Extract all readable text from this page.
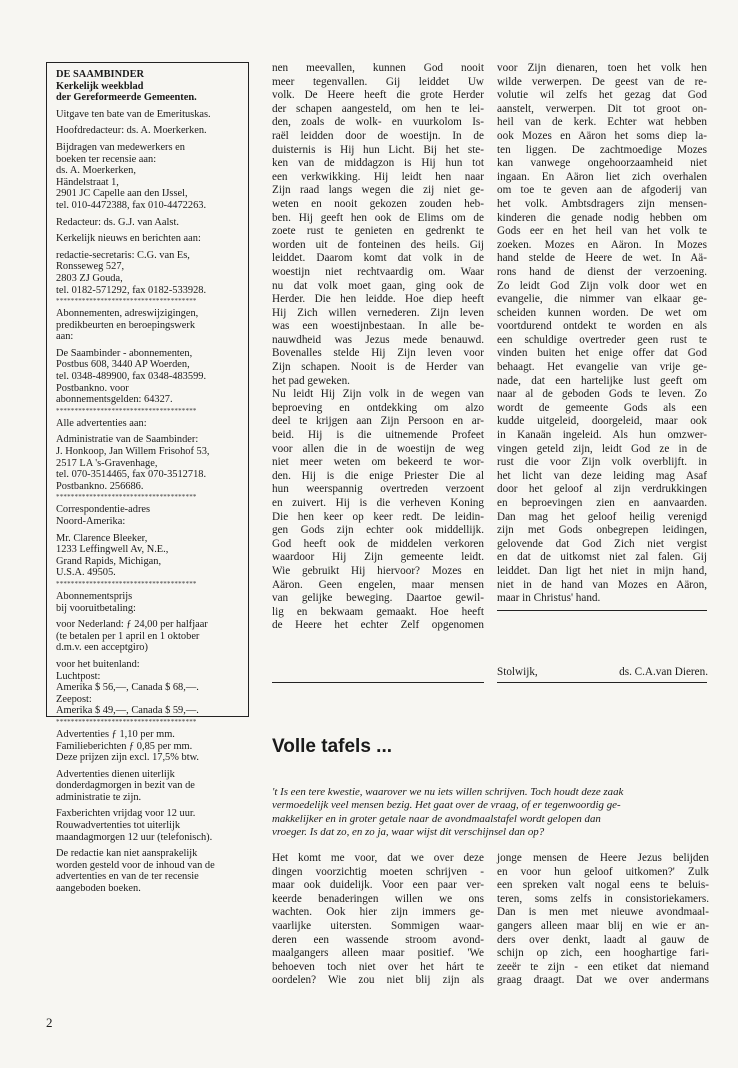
DE SAAMBINDER
Kerkelijk weekblad
der Gereformeerde Gemeenten.
Uitgave ten bate van de Emerituskas.
Hoofdredacteur: ds. A. Moerkerken.
Bijdragen van medewerkers en
boeken ter recensie aan:
ds. A. Moerkerken,
Händelstraat 1,
2901 JC Capelle aan den IJssel,
tel. 010-4472388, fax 010-4472263.
Redacteur: ds. G.J. van Aalst.
Kerkelijk nieuws en berichten aan:
redactie-secretaris: C.G. van Es,
Ronsseweg 527,
2803 ZJ Gouda,
tel. 0182-571292, fax 0182-533928.
**************************************
Abonnementen, adreswijzigingen,
predikbeurten en beroepingswerk
aan:
De Saambinder - abonnementen,
Postbus 608, 3440 AP Woerden,
tel. 0348-489900, fax 0348-483599.
Postbankno. voor
abonnementsgelden: 64327.
**************************************
Alle advertenties aan:
Administratie van de Saambinder:
J. Honkoop, Jan Willem Frisohof 53,
2517 LA 's-Gravenhage,
tel. 070-3514465, fax 070-3512718.
Postbankno. 256686.
**************************************
Correspondentie-adres
Noord-Amerika:
Mr. Clarence Bleeker,
1233 Leffingwell Av, N.E.,
Grand Rapids, Michigan,
U.S.A. 49505.
**************************************
Abonnementsprijs
bij vooruitbetaling:
voor Nederland: ƒ 24,00 per halfjaar
(te betalen per 1 april en 1 oktober
d.m.v. een acceptgiro)
voor het buitenland:
Luchtpost:
Amerika $ 56,—, Canada $ 68,—.
Zeepost:
Amerika $ 49,—, Canada $ 59,—.
**************************************
Advertenties ƒ 1,10 per mm.
Familieberichten ƒ 0,85 per mm.
Deze prijzen zijn excl. 17,5% btw.
Advertenties dienen uiterlijk
donderdagmorgen in bezit van de
administratie te zijn.
Faxberichten vrijdag voor 12 uur.
Rouwadvertenties tot uiterlijk
maandagmorgen 12 uur (telefonisch).
De redactie kan niet aansprakelijk
worden gesteld voor de inhoud van de
advertenties en van de ter recensie
aangeboden boeken.
nen meevallen, kunnen God nooit
meer tegenvallen. Gij leiddet Uw
volk. De Heere heeft die grote Herder
der schapen aangesteld, om hen te lei-
den, zoals de wolk- en vuurkolom Is-
raël leidden door de woestijn. In de
duisternis is Hij hun Licht. Bij het ste-
ken van de middagzon is Hij hun tot
een verkwikking. Hij leidt hen naar
Zijn raad langs wegen die zij niet ge-
weten en nooit gekozen zouden heb-
ben. Hij geeft hen ook de Elims om de
zoete rust te genieten en gedrenkt te
worden uit de fonteinen des heils. Gij
leiddet. Daarom komt dat volk in de
woestijn niet rechtvaardig om. Waar
nu dat volk moet gaan, ging ook de
Herder. Die hen leidde. Hoe diep heeft
Hij Zich willen vernederen. Zijn leven
was een woestijnbestaan. In alle be-
nauwdheid was Jezus mede benauwd.
Bovenalles stelde Hij Zijn leven voor
Zijn schapen. Nooit is de Herder van
het pad geweken.
Nu leidt Hij Zijn volk in de wegen van
beproeving en ontdekking om alzo
deel te krijgen aan Zijn Persoon en ar-
beid. Hij is die uitnemende Profeet
voor allen die in de woestijn de weg
niet meer weten om bekeerd te wor-
den. Hij is die enige Priester Die al
hun weerspannig overtreden verzoent
en zuivert. Hij is die verheven Koning
Die hen keer op keer redt. De leidin-
gen Gods zijn echter ook middellijk.
God heeft ook de middelen verkoren
waardoor Hij Zijn gemeente leidt.
Wie gebruikt Hij hiervoor? Mozes en
Aäron. Geen engelen, maar mensen
van gelijke beweging. Daartoe gewil-
lig en bekwaam gemaakt. Hoe heeft
de Heere het echter Zelf opgenomen
voor Zijn dienaren, toen het volk hen
wilde verwerpen. De geest van de re-
volutie wil zelfs het gezag dat God
aanstelt, verwerpen. Dit tot groot on-
heil van de kerk. Echter wat hebben
ook Mozes en Aäron het soms diep la-
ten liggen. De zachtmoedige Mozes
kan vanwege ongehoorzaamheid niet
ingaan. En Aäron liet zich overhalen
om toe te geven aan de afgoderij van
het volk. Ambtsdragers zijn mensen-
kinderen die genade nodig hebben om
Gods eer en het heil van het volk te
zoeken. Mozes en Aäron. In Mozes
hand stelde de Heere de wet. In Aä-
rons hand de dienst der verzoening.
Zo leidt God Zijn volk door wet en
evangelie, die nimmer van elkaar ge-
scheiden kunnen worden. De wet om
voortdurend ontdekt te worden en als
een schuldige overtreder geen rust te
vinden buiten het enige offer dat God
behaagt. Het evangelie van vrije ge-
nade, dat een hartelijke lust geeft om
naar al de geboden Gods te leven. Zo
wordt de gemeente Gods als een
kudde uitgeleid, doorgeleid, maar ook
in Kanaän ingeleid. Als hun omzwer-
vingen geteld zijn, leidt God ze in de
rust die voor Zijn volk overblijft. in
het licht van deze leiding mag Asaf
door het geloof al zijn verdrukkingen
en beproevingen zien en aanvaarden.
Dan mag het geloof heilig verenigd
zijn met Gods onbegrepen leidingen,
gelovende dat God Zich niet vergist
en dat de uitkomst niet zal falen. Gij
leiddet. Dan ligt het niet in mijn hand,
niet in de hand van Mozes en Aäron,
maar in Christus' hand.
Stolwijk,	ds. C.A.van Dieren.
Volle tafels ...
't Is een tere kwestie, waarover we nu iets willen schrijven. Toch houdt deze zaak
vermoedelijk veel mensen bezig. Het gaat over de vraag, of er tegenwoordig ge-
makkelijker en in groter getale naar de avondmaalstafel wordt gelopen dan
vroeger. Is dat zo, en zo ja, waar wijst dit verschijnsel dan op?
Het komt me voor, dat we over deze
dingen voorzichtig moeten schrijven -
maar ook duidelijk. Voor een paar ver-
keerde benaderingen willen we ons
wachten. Ook hier zijn immers ge-
vaarlijke uitersten. Sommigen waar-
deren een wassende stroom avond-
maalgangers alleen maar positief. 'We
behoeven toch niet over het hárt te
oordelen? Wie zou niet blij zijn als
jonge mensen de Heere Jezus belijden
en voor hun geloof uitkomen?' Zulk
een spreken valt nogal eens te beluis-
teren, soms zelfs in consistoriekamers.
Dan is men met nieuwe avondmaal-
gangers alleen maar blij en wie er an-
ders over denkt, laadt al gauw de
schijn op zich, een hooghartige fari-
zeeër te zijn - een etiket dat niemand
graag draagt. Dat we over andermans
2
